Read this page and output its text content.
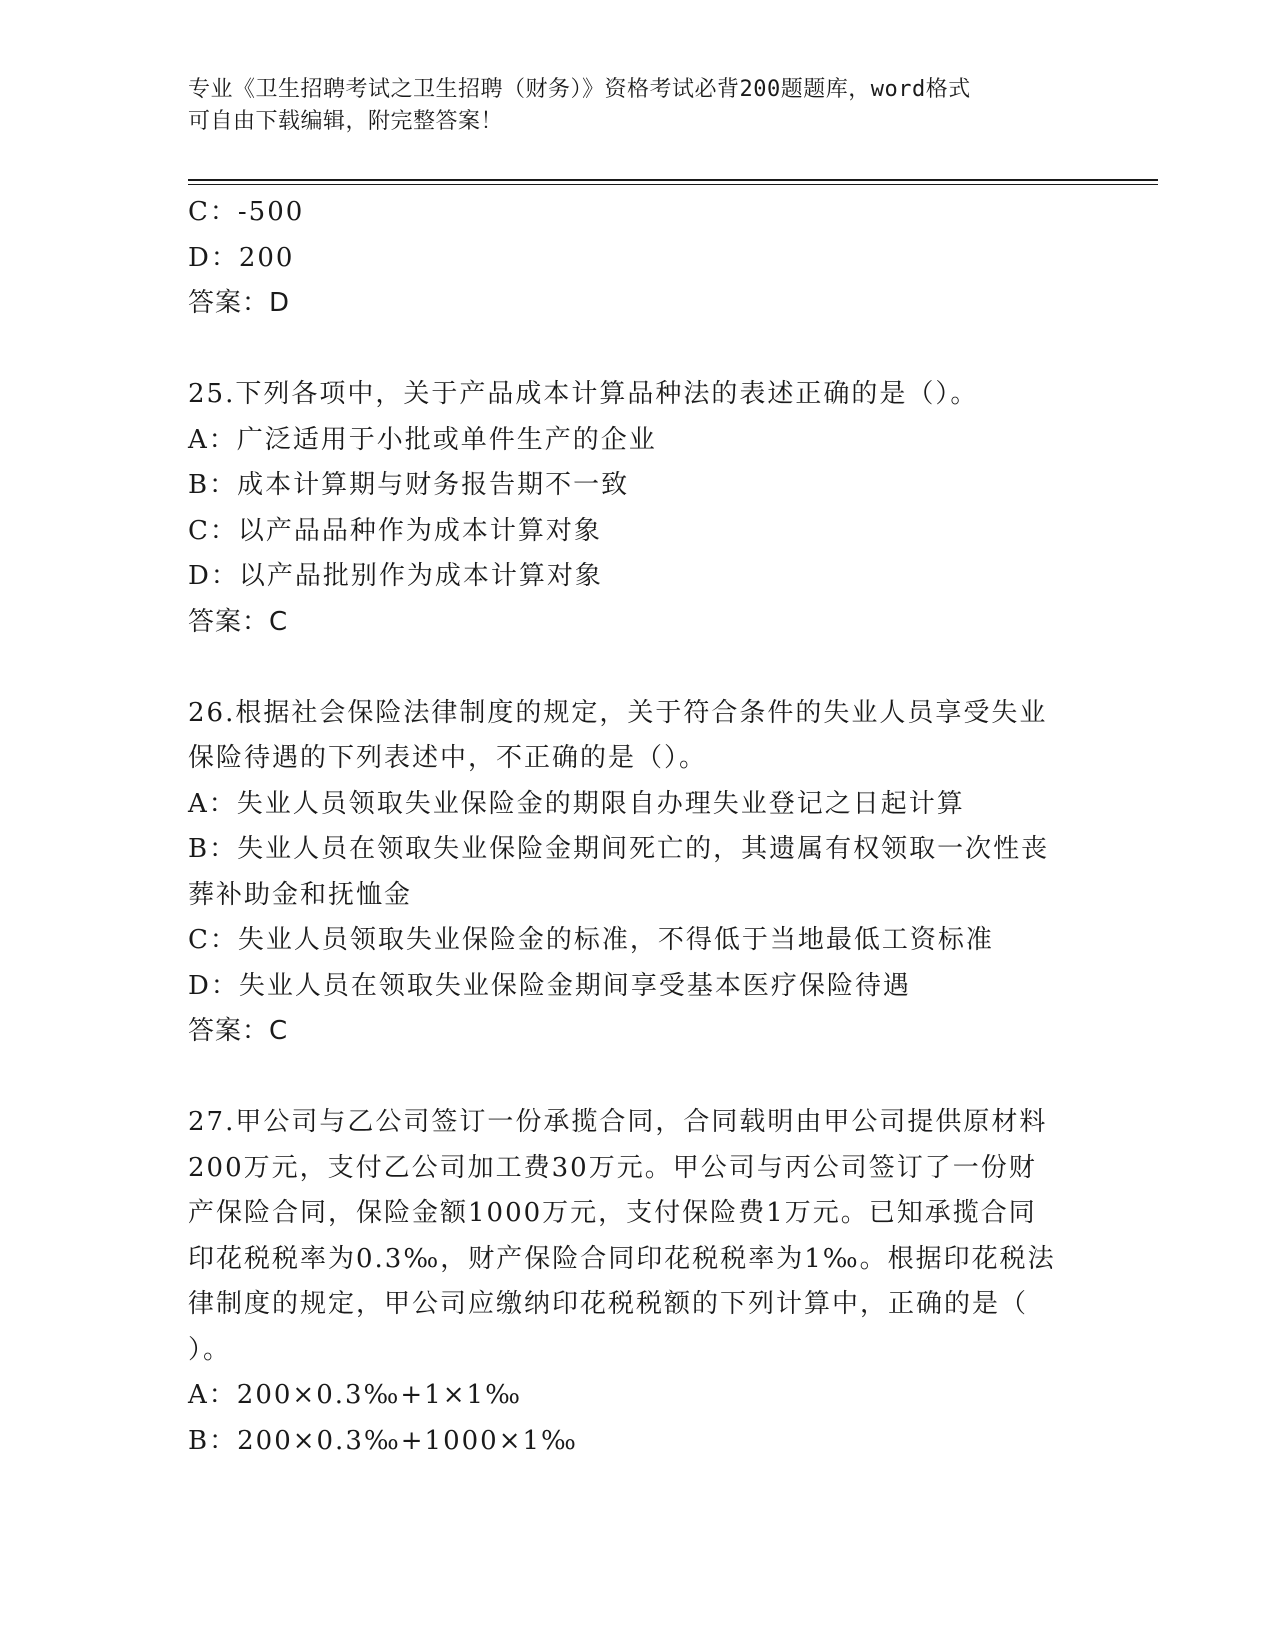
专业《卫生招聘考试之卫生招聘（财务）》资格考试必背200题题库，word格式
可自由下载编辑，附完整答案！
C：-500
D：200
答案：D
25.下列各项中，关于产品成本计算品种法的表述正确的是（）。
A：广泛适用于小批或单件生产的企业
B：成本计算期与财务报告期不一致
C：以产品品种作为成本计算对象
D：以产品批别作为成本计算对象
答案：C
26.根据社会保险法律制度的规定，关于符合条件的失业人员享受失业
保险待遇的下列表述中，不正确的是（）。
A：失业人员领取失业保险金的期限自办理失业登记之日起计算
B：失业人员在领取失业保险金期间死亡的，其遗属有权领取一次性丧
葬补助金和抚恤金
C：失业人员领取失业保险金的标准，不得低于当地最低工资标准
D：失业人员在领取失业保险金期间享受基本医疗保险待遇
答案：C
27.甲公司与乙公司签订一份承揽合同，合同载明由甲公司提供原材料
200万元，支付乙公司加工费30万元。甲公司与丙公司签订了一份财
产保险合同，保险金额1000万元，支付保险费1万元。已知承揽合同
印花税税率为0.3‰，财产保险合同印花税税率为1‰。根据印花税法
律制度的规定，甲公司应缴纳印花税税额的下列计算中，正确的是（
）。
A：200×0.3‰+1×1‰
B：200×0.3‰+1000×1‰
